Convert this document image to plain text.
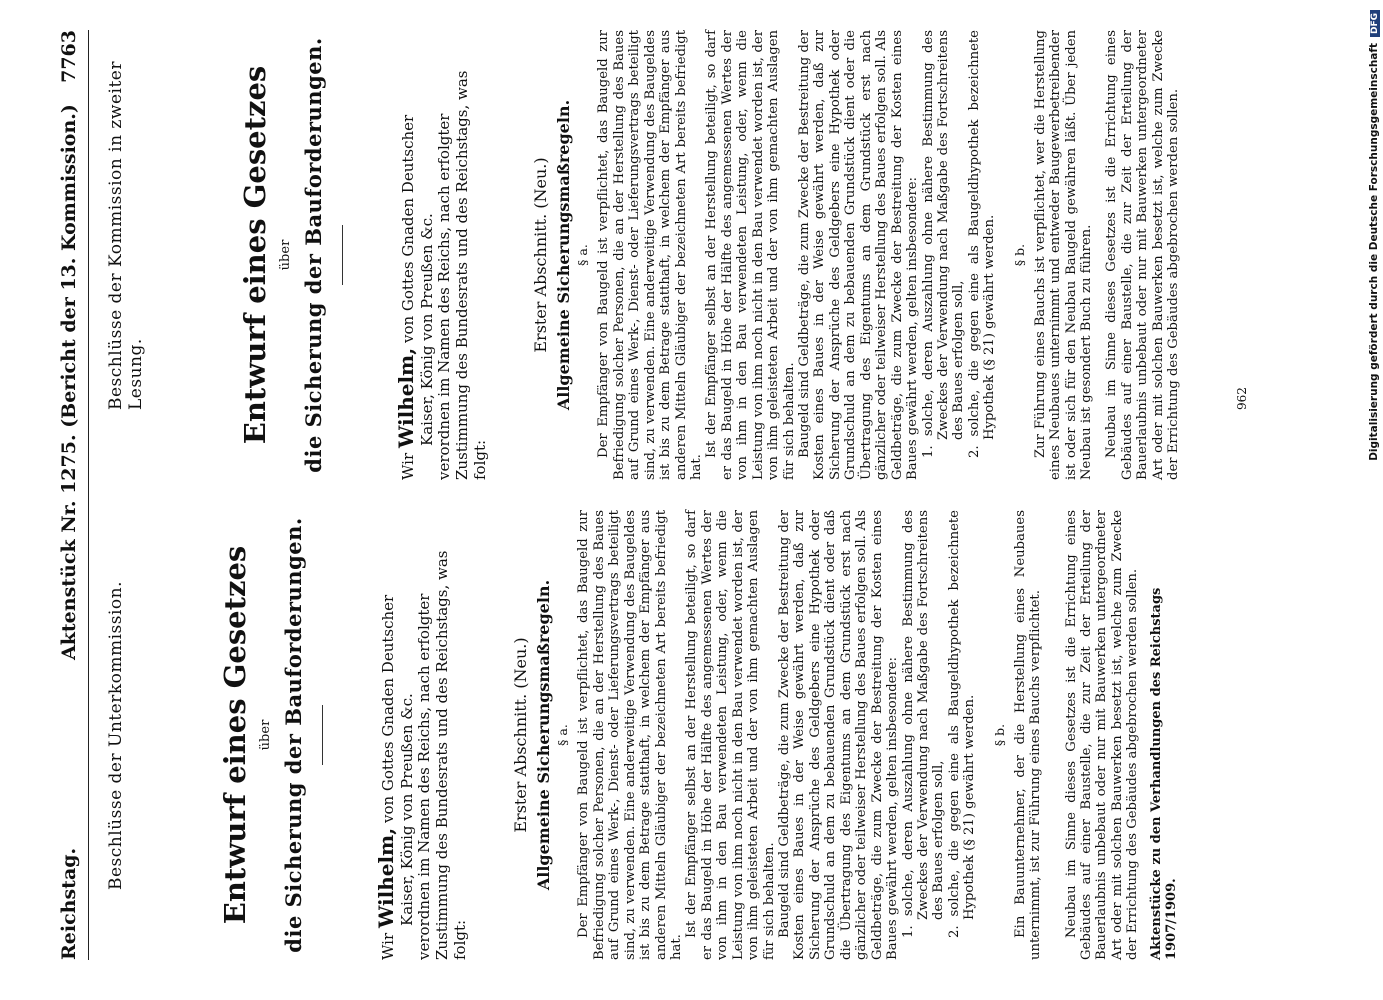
Reichstag.
Aktenstück Nr. 1275. (Bericht der 13. Kommission.)
7763
Beschlüsse der Unterkommission.	Entwurf eines Gesetzes über die Sicherung der Bauforderungen.	Wir Wilhelm, von Gottes Gnaden Deutscher Kaiser, König von Preußen &c. verordnen im Namen des Reichs, nach erfolgter Zustimmung des Bundesrats und des Reichstags, was folgt:
Erster Abschnitt. (Neu.) Allgemeine Sicherungsmaßregeln. § a. Der Empfänger von Baugeld ist verpflichtet, das Baugeld zur Befriedigung solcher Personen, die an der Herstellung des Baues auf Grund eines Werk-, Dienst- oder Lieferungsvertrags beteiligt sind, zu verwenden. Eine anderweitige Verwendung des Baugeldes ist bis zu dem Betrage statthaft, in welchem der Empfänger aus anderen Mitteln Gläubiger der bezeichneten Art bereits befriedigt hat.

Ist der Empfänger selbst an der Herstellung beteiligt, so darf er das Baugeld in Höhe der Hälfte des angemessenen Wertes der von ihm in den Bau verwendeten Leistung, oder, wenn die Leistung von ihm noch nicht in den Bau verwendet worden ist, der von ihm geleisteten Arbeit und der von ihm gemachten Auslagen für sich behalten. Baugeld sind Geldbeträge, die zum Zwecke der Bestreitung der Kosten eines Baues in der Weise gewährt werden, daß zur Sicherung der Ansprüche des Geldgebers eine Hypothek oder Grundschuld an dem zu bebauenden Grundstück dient oder daß die Übertragung des Eigentums an dem Grundstück erst nach gänzlicher oder teilweiser Herstellung des Baues erfolgen soll. Als Geldbeträge, die zum Zwecke der Bestreitung der Kosten eines Baues gewährt werden, gelten insbesondere: 1. solche, deren Auszahlung ohne nähere Bestimmung des Zweckes der Verwendung nach Maßgabe des Fortschreitens des Baues erfolgen soll, 2. solche, die gegen eine als Baugeldhypothek bezeichnete Hypothek (§ 21) gewährt werden. § b. Ein Bauunternehmer, der die Herstellung eines Neubaues unternimmt, ist zur Führung eines Bauchs verpflichtet. Neubau im Sinne dieses Gesetzes ist die Errichtung eines Gebäudes auf einer Baustelle, die zur Zeit der Erteilung der Bauerlaubnis unbebaut oder nur mit Bauwerken untergeordneter Art oder mit solchen Bauwerken besetzt ist, welche zum Zwecke der Errichtung des Gebäudes abgebrochen werden sollen. Aktenstücke zu den Verhandlungen des Reichstags 1907/1909.
Beschlüsse der Kommission in zweiter Lesung.	Entwurf eines Gesetzes über die Sicherung der Bauforderungen.	Wir Wilhelm, von Gottes Gnaden Deutscher Kaiser, König von Preußen &c. verordnen im Namen des Reichs, nach erfolgter Zustimmung des Bundesrats und des Reichstags, was folgt:
Erster Abschnitt. (Neu.) Allgemeine Sicherungsmaßregeln. § a. Der Empfänger von Baugeld ist verpflichtet, das Baugeld zur Befriedigung solcher Personen, die an der Herstellung des Baues auf Grund eines Werk-, Dienst- oder Lieferungsvertrags beteiligt sind, zu verwenden. Eine anderweitige Verwendung des Baugeldes ist bis zu dem Betrage statthaft, in welchem der Empfänger aus anderen Mitteln Gläubiger der bezeichneten Art bereits befriedigt hat.

Ist der Empfänger selbst an der Herstellung beteiligt, so darf er das Baugeld in Höhe der Hälfte des angemessenen Wertes der von ihm in den Bau verwendeten Leistung, oder, wenn die Leistung von ihm noch nicht in den Bau verwendet worden ist, der von ihm geleisteten Arbeit und der von ihm gemachten Auslagen für sich behalten. Baugeld sind Geldbeträge, die zum Zwecke der Bestreitung der Kosten eines Baues in der Weise gewährt werden, daß zur Sicherung der Ansprüche des Geldgebers eine Hypothek oder Grundschuld an dem zu bebauenden Grundstück dient oder die Übertragung des Eigentums an dem Grundstück erst nach gänzlicher oder teilweiser Herstellung des Baues erfolgen soll. Als Geldbeträge, die zum Zwecke der Bestreitung der Kosten eines Baues gewährt werden, gelten insbesondere: 1. solche, deren Auszahlung ohne nähere Bestimmung des Zweckes der Verwendung nach Maßgabe des Fortschreitens des Baues erfolgen soll, 2. solche, die gegen eine als Baugeldhypothek bezeichnete Hypothek (§ 21) gewährt werden. § b. Zur Führung eines Bauchs ist verpflichtet, wer die Herstellung eines Neubaues unternimmt und entweder Baugewerbetreibender ist oder sich für den Neubau Baugeld gewähren läßt. Über jeden Neubau ist gesondert Buch zu führen. Neubau im Sinne dieses Gesetzes ist die Errichtung eines Gebäudes auf einer Baustelle, die zur Zeit der Erteilung der Bauerlaubnis unbebaut oder nur mit Bauwerken untergeordneter Art oder mit solchen Bauwerken besetzt ist, welche zum Zwecke der Errichtung des Gebäudes abgebrochen werden sollen.	962	Digitalisierung gefördert durch die Deutsche ForschungsgemeinschaftDFG
